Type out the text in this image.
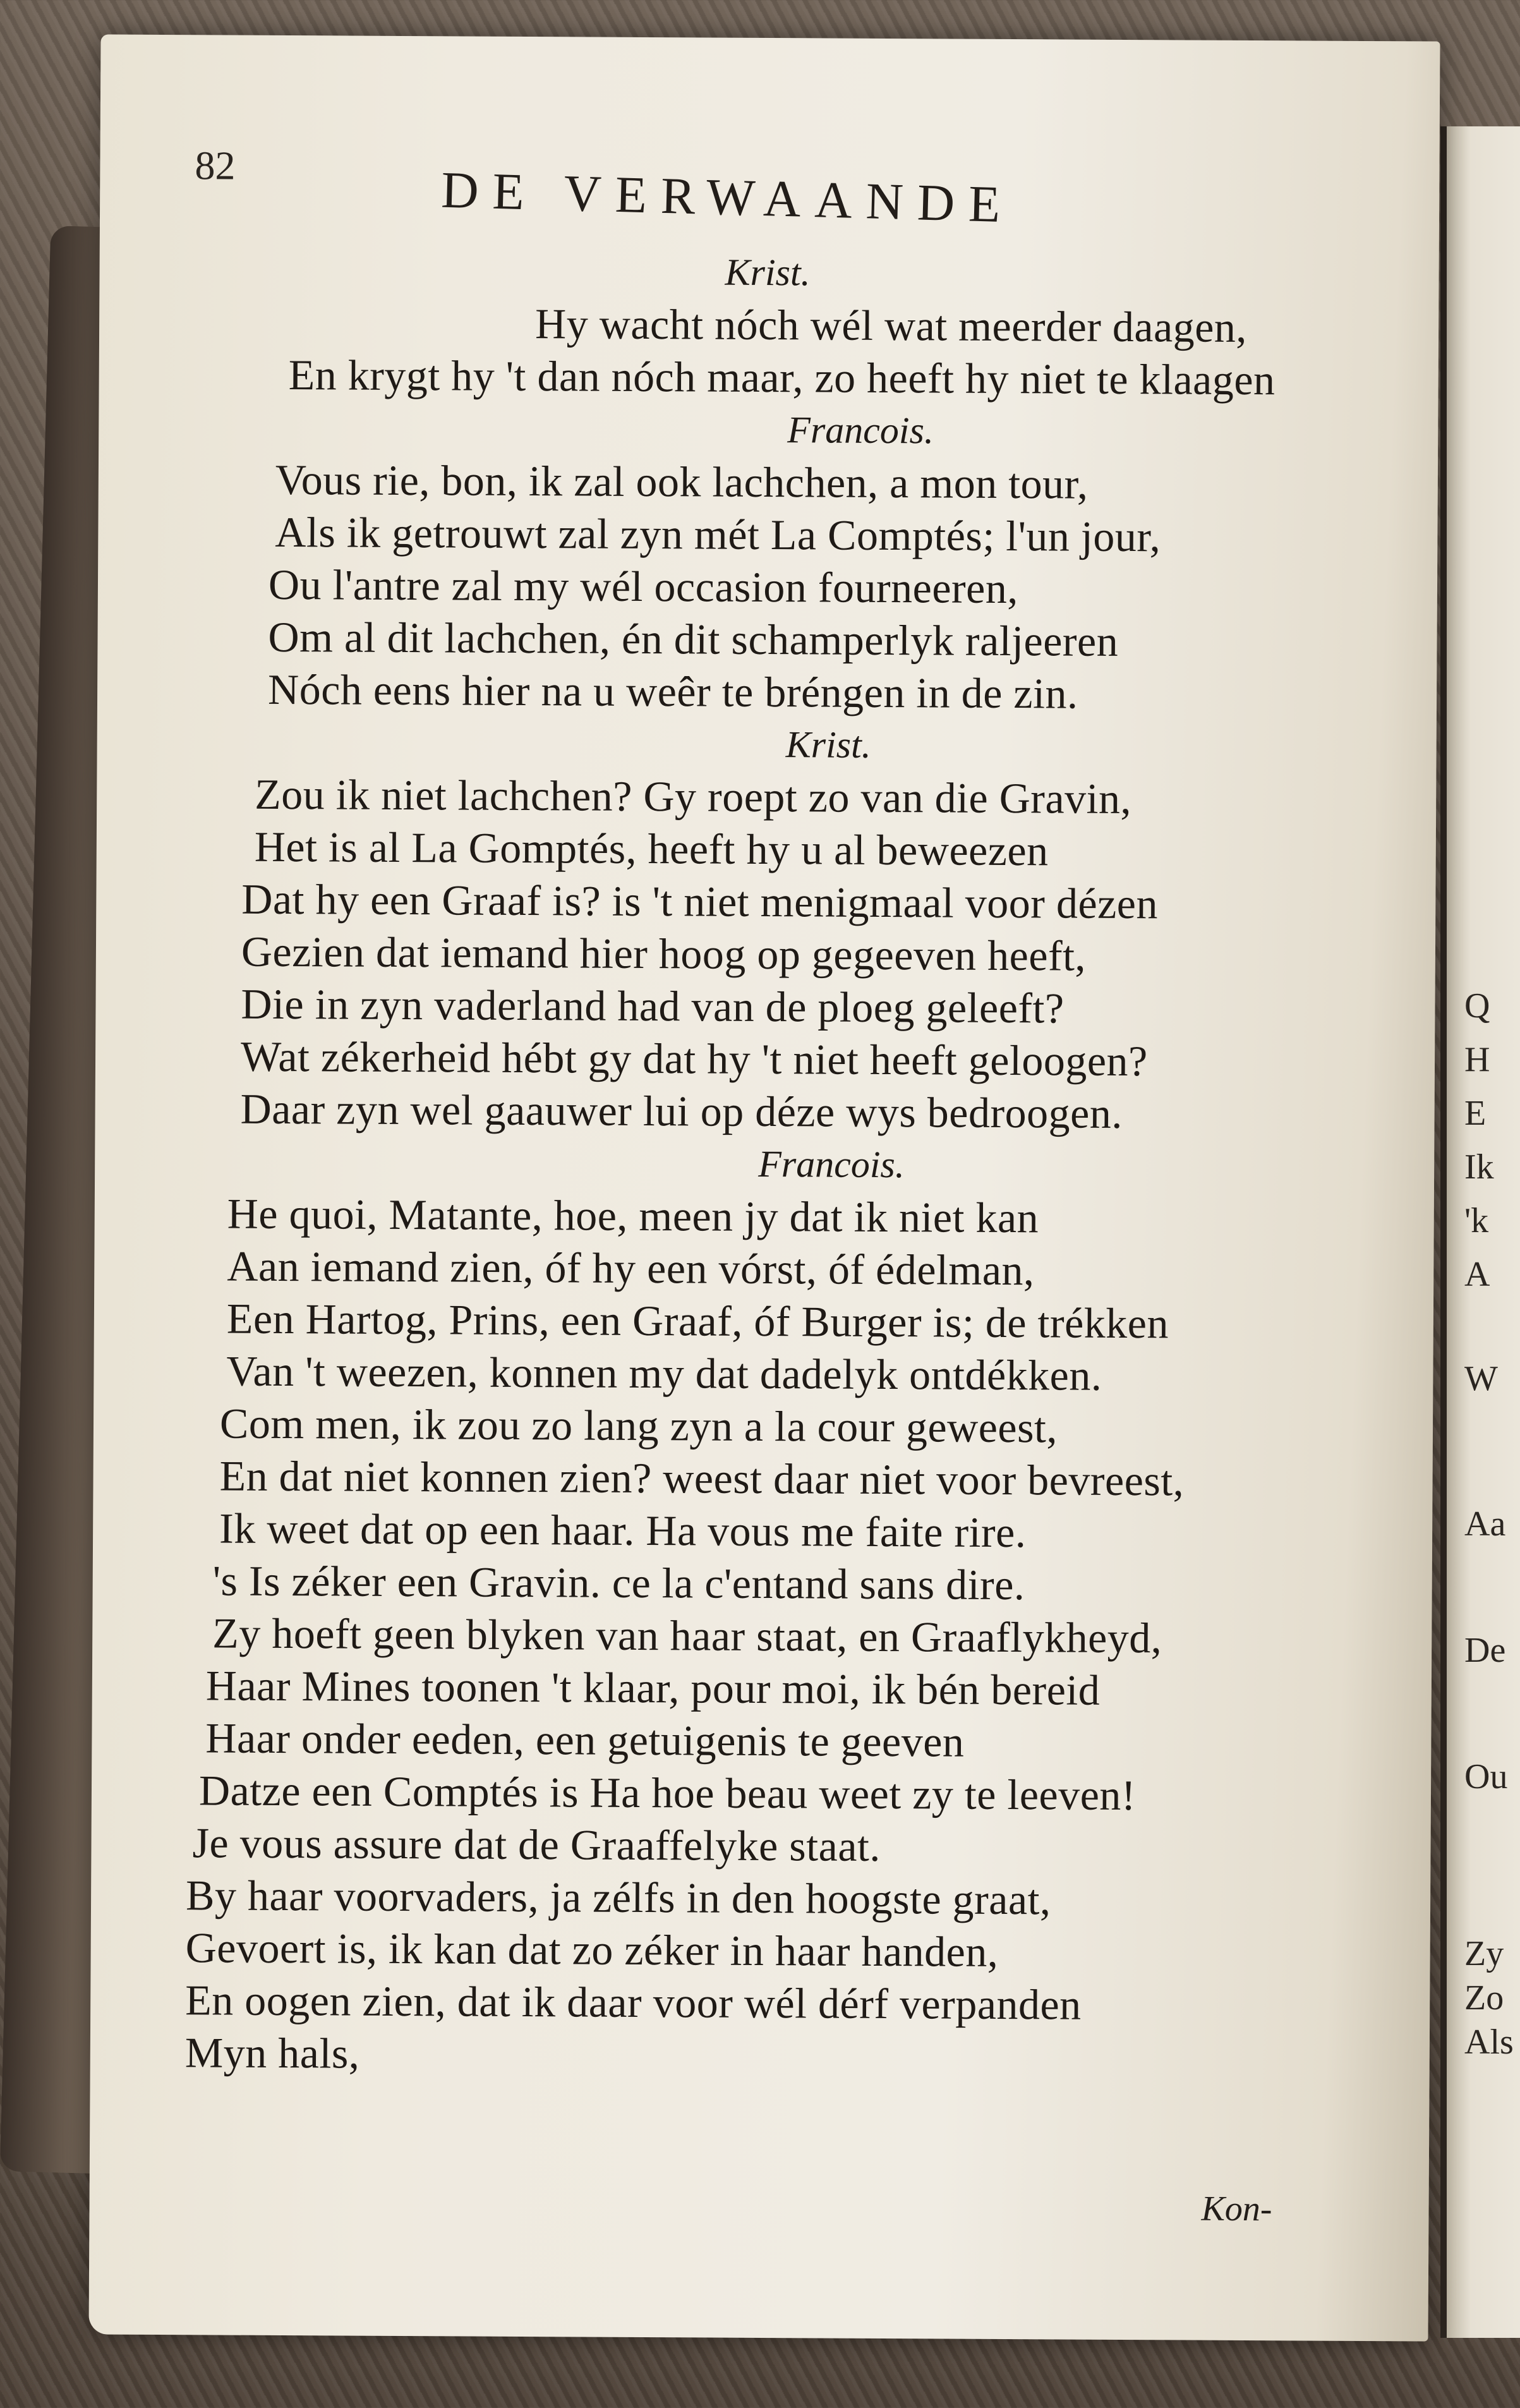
Q
H
E
Ik
'k
A
W
Aa
De
Ou
Zy
Zo
Als
82	DE VERWAANDE
Krist.
Hy wacht nóch wél wat meerder daagen,
En krygt hy 't dan nóch maar, zo heeft hy niet te klaagen
Francois.
Vous rie, bon, ik zal ook lachchen, a mon tour,
Als ik getrouwt zal zyn mét La Comptés; l'un jour,
Ou l'antre zal my wél occasion fourneeren,
Om al dit lachchen, én dit schamperlyk raljeeren
Nóch eens hier na u weêr te bréngen in de zin.
Krist.
Zou ik niet lachchen? Gy roept zo van die Gravin,
Het is al La Gomptés, heeft hy u al beweezen
Dat hy een Graaf is? is 't niet menigmaal voor dézen
Gezien dat iemand hier hoog op gegeeven heeft,
Die in zyn vaderland had van de ploeg geleeft?
Wat zékerheid hébt gy dat hy 't niet heeft geloogen?
Daar zyn wel gaauwer lui op déze wys bedroogen.
Francois.
He quoi, Matante, hoe, meen jy dat ik niet kan
Aan iemand zien, óf hy een vórst, óf édelman,
Een Hartog, Prins, een Graaf, óf Burger is; de trékken
Van 't weezen, konnen my dat dadelyk ontdékken.
Com men, ik zou zo lang zyn a la cour geweest,
En dat niet konnen zien? weest daar niet voor bevreest,
Ik weet dat op een haar. Ha vous me faite rire.
's Is zéker een Gravin. ce la c'entand sans dire.
Zy hoeft geen blyken van haar staat, en Graaflykheyd,
Haar Mines toonen 't klaar, pour moi, ik bén bereid
Haar onder eeden, een getuigenis te geeven
Datze een Comptés is Ha hoe beau weet zy te leeven!
Je vous assure dat de Graaffelyke staat.
By haar voorvaders, ja zélfs in den hoogste graat,
Gevoert is, ik kan dat zo zéker in haar handen,
En oogen zien, dat ik daar voor wél dérf verpanden
Myn hals,
Kon-
